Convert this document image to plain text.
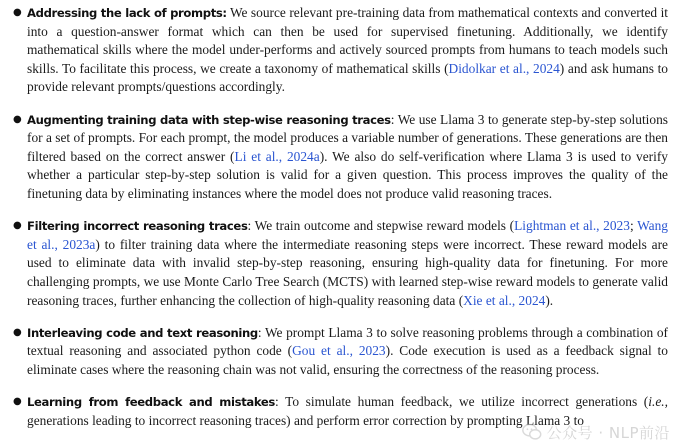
● Addressing the lack of prompts: We source relevant pre-training data from mathematical contexts and converted it into a question-answer format which can then be used for supervised finetuning. Additionally, we identify mathematical skills where the model under-performs and actively sourced prompts from humans to teach models such skills. To facilitate this process, we create a taxonomy of mathematical skills (Didolkar et al., 2024) and ask humans to provide relevant prompts/questions accordingly.
● Augmenting training data with step-wise reasoning traces: We use Llama 3 to generate step-by-step solutions for a set of prompts. For each prompt, the model produces a variable number of generations. These generations are then filtered based on the correct answer (Li et al., 2024a). We also do self-verification where Llama 3 is used to verify whether a particular step-by-step solution is valid for a given question. This process improves the quality of the finetuning data by eliminating instances where the model does not produce valid reasoning traces.
● Filtering incorrect reasoning traces: We train outcome and stepwise reward models (Lightman et al., 2023; Wang et al., 2023a) to filter training data where the intermediate reasoning steps were incorrect. These reward models are used to eliminate data with invalid step-by-step reasoning, ensuring high-quality data for finetuning. For more challenging prompts, we use Monte Carlo Tree Search (MCTS) with learned step-wise reward models to generate valid reasoning traces, further enhancing the collection of high-quality reasoning data (Xie et al., 2024).
● Interleaving code and text reasoning: We prompt Llama 3 to solve reasoning problems through a combination of textual reasoning and associated python code (Gou et al., 2023). Code execution is used as a feedback signal to eliminate cases where the reasoning chain was not valid, ensuring the correctness of the reasoning process.
● Learning from feedback and mistakes: To simulate human feedback, we utilize incorrect generations (i.e., generations leading to incorrect reasoning traces) and perform error correction by prompting Llama 3 to
公众号 · NLP前沿
